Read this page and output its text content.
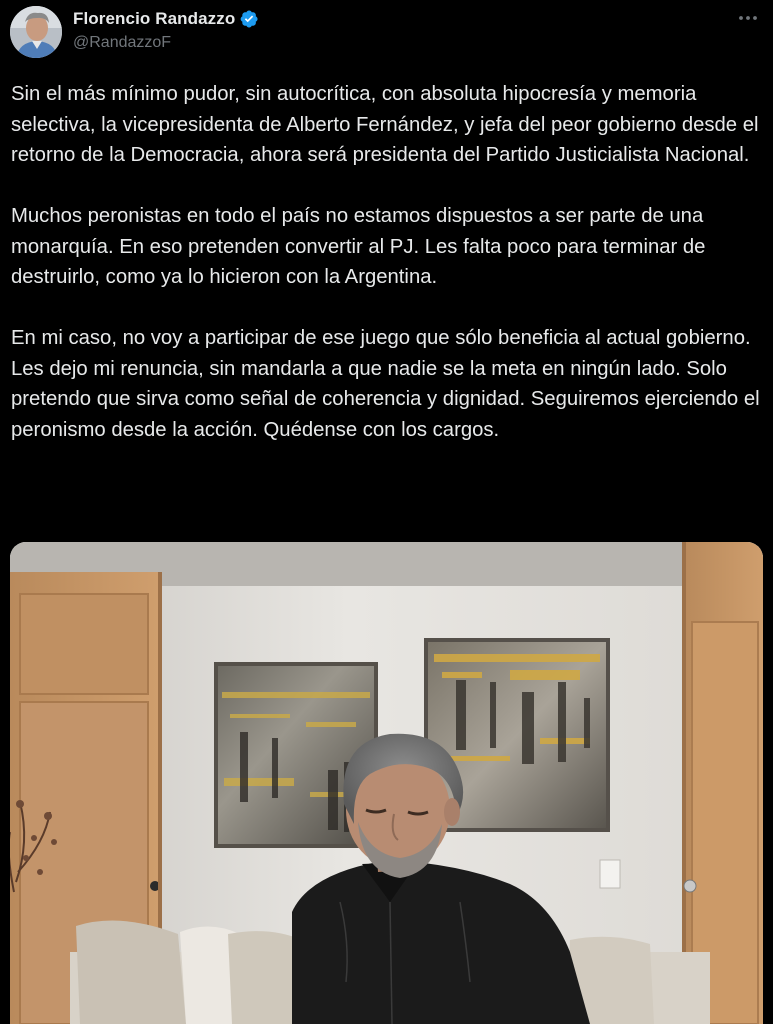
Florencio Randazzo
@RandazzoF

Sin el más mínimo pudor, sin autocrítica, con absoluta hipocresía y memoria selectiva, la vicepresidenta de Alberto Fernández, y jefa del peor gobierno desde el retorno de la Democracia, ahora será presidenta del Partido Justicialista Nacional.

Muchos peronistas en todo el país no estamos dispuestos a ser parte de una monarquía. En eso pretenden convertir al PJ. Les falta poco para terminar de destruirlo, como ya lo hicieron con la Argentina.

En mi caso, no voy a participar de ese juego que sólo beneficia al actual gobierno. Les dejo mi renuncia, sin mandarla a que nadie se la meta en ningún lado. Solo pretendo que sirva como señal de coherencia y dignidad. Seguiremos ejerciendo el peronismo desde la acción. Quédense con los cargos.
